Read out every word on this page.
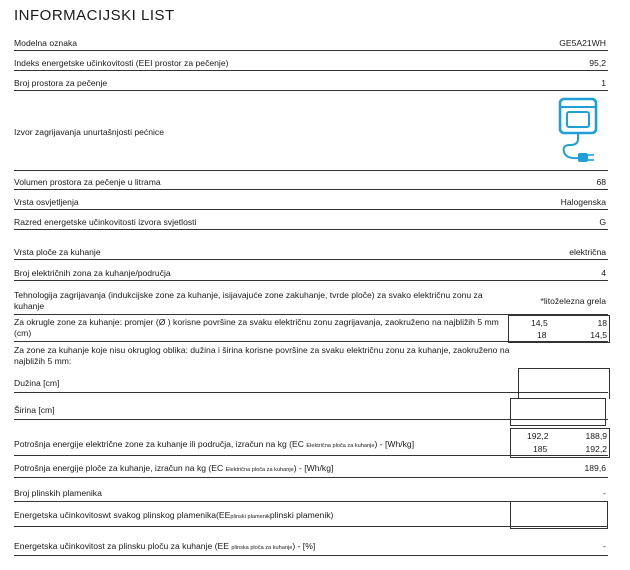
INFORMACIJSKI LIST
Modelna oznaka	GE5A21WH
Indeks energetske učinkovitosti (EEI prostor za pečenje)	95,2
Broj prostora za pečenje	1
Izvor zagrijavanja unurtašnjosti pećnice
Volumen prostora za pečenje u litrama	68
Vrsta osvjetljenja	Halogenska
Razred energetske učinkovitosti izvora svjetlosti	G
Vrsta ploče za kuhanje	električna
Broj električnih zona za kuhanje/područja	4
Tehnologija zagrijavanja (indukcijske zone za kuhanje, isijavajuće zone zakuhanje, tvrde ploče) za svako električnu zonu za kuhanje	*litoželezna grela
Za okrugle zone za kuhanje: promjer (Ø ) korisne površine za svaku električnu zonu zagrijavanja, zaokruženo na najbližih 5 mm (cm)
14,5	18
18	14,5
Za zone za kuhanje koje nisu okruglog oblika: dužina i širina korisne površine za svaku električnu zonu za kuhanje, zaokruženo na najbližih 5 mm:
Dužina [cm]
Širina [cm]
Potrošnja energije električne zone za kuhanje ili područja, izračun na kg (EC Električna ploča za kuhanje) - [Wh/kg]
192,2	188,9
185	192,2
Potrošnja energije ploče za kuhanje, izračun na kg (EC Električna ploča za kuhanje) - [Wh/kg]	189,6
Broj plinskih plamenika	-
Energetska učinkovitoswt svakog plinskog plamenika(EEplinski plamenikplinski plamenik)
Energetska učinkovitost za plinsku ploču za kuhanje (EE plinska ploča za kuhanje) - [%]	-
